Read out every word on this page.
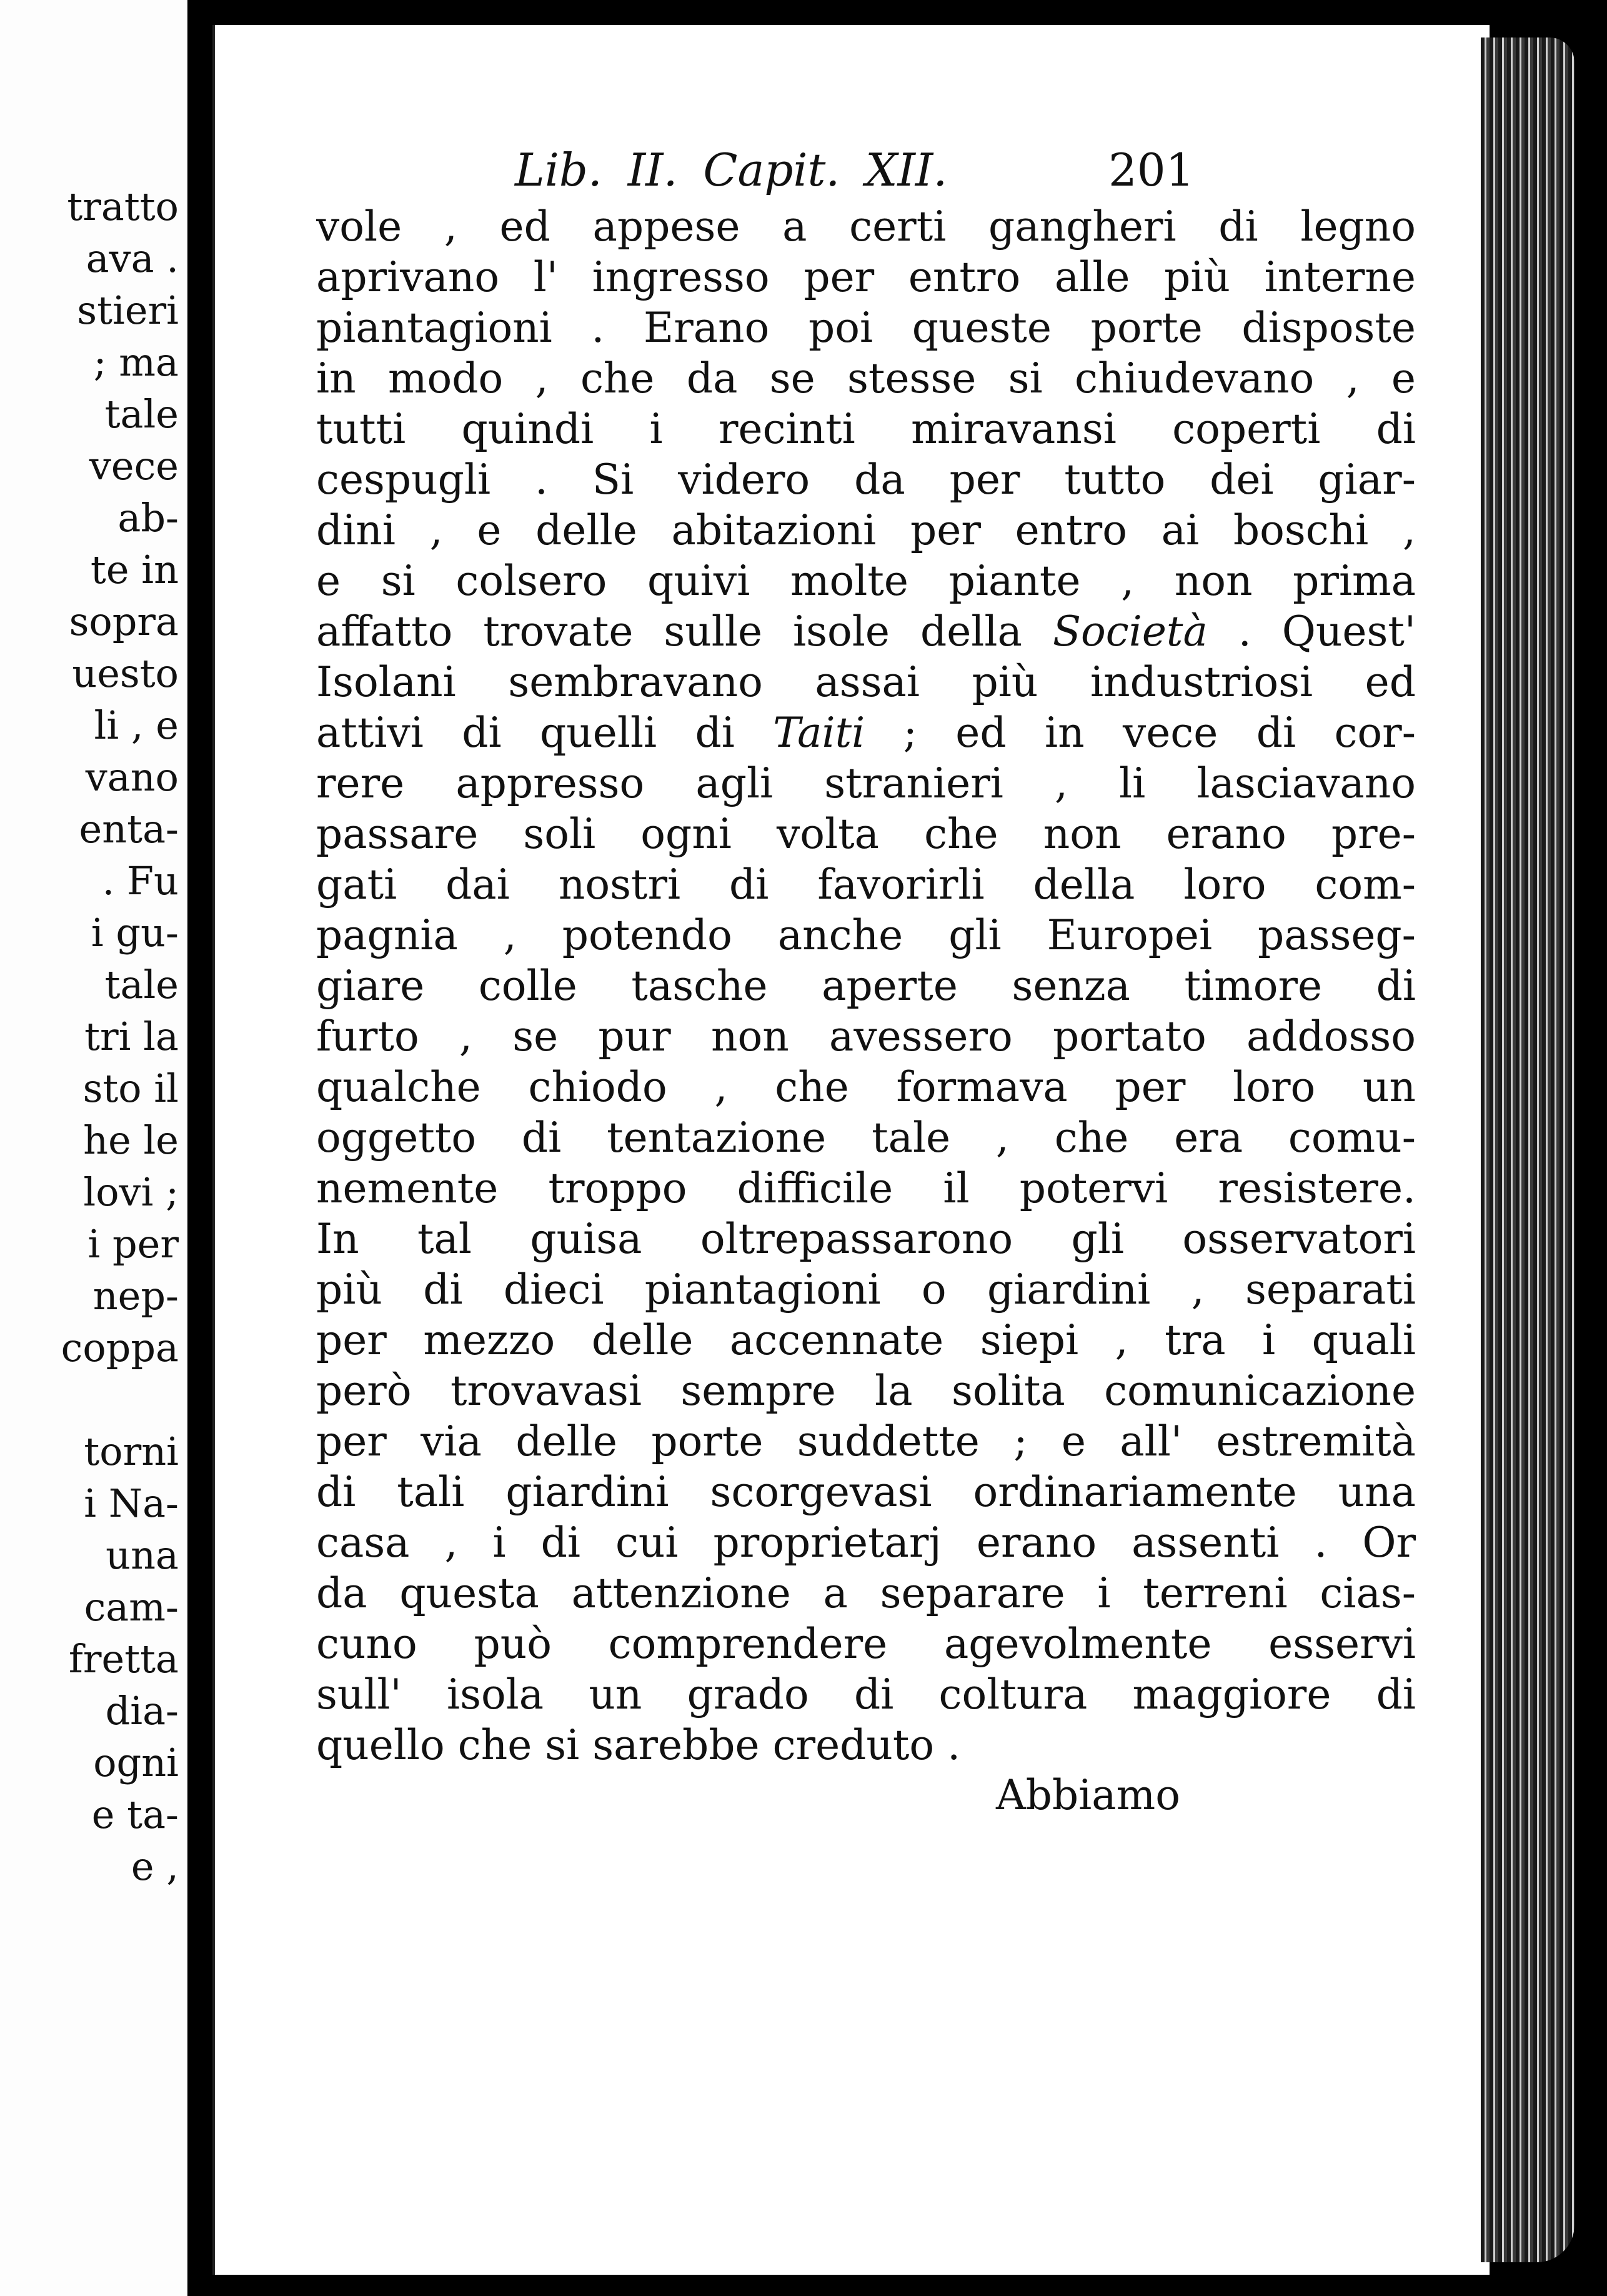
tratto
ava .
stieri
; ma
tale
vece
ab-
te in
sopra
uesto
li , e
vano
enta-
. Fu
i gu-
tale
tri la
sto il
he le
lovi ;
i per
nep-
coppa
torni
i Na-
una
cam-
fretta
dia-
ogni
e ta-
e ,
Lib. II. Capit. XII.	201
vole , ed appese a certi gangheri di legno
aprivano l' ingresso per entro alle più interne
piantagioni . Erano poi queste porte disposte
in modo , che da se stesse si chiudevano , e
tutti quindi i recinti miravansi coperti di
cespugli . Si videro da per tutto dei giar-
dini , e delle abitazioni per entro ai boschi ,
e si colsero quivi molte piante , non prima
affatto trovate sulle isole della Società . Quest'
Isolani sembravano assai più industriosi ed
attivi di quelli di Taiti ; ed in vece di cor-
rere appresso agli stranieri , li lasciavano
passare soli ogni volta che non erano pre-
gati dai nostri di favorirli della loro com-
pagnia , potendo anche gli Europei passeg-
giare colle tasche aperte senza timore di
furto , se pur non avessero portato addosso
qualche chiodo , che formava per loro un
oggetto di tentazione tale , che era comu-
nemente troppo difficile il potervi resistere.
In tal guisa oltrepassarono gli osservatori
più di dieci piantagioni o giardini , separati
per mezzo delle accennate siepi , tra i quali
però trovavasi sempre la solita comunicazione
per via delle porte suddette ; e all' estremità
di tali giardini scorgevasi ordinariamente una
casa , i di cui proprietarj erano assenti . Or
da questa attenzione a separare i terreni cias-
cuno può comprendere agevolmente esservi
sull' isola un grado di coltura maggiore di
quello che si sarebbe creduto .
Abbiamo
